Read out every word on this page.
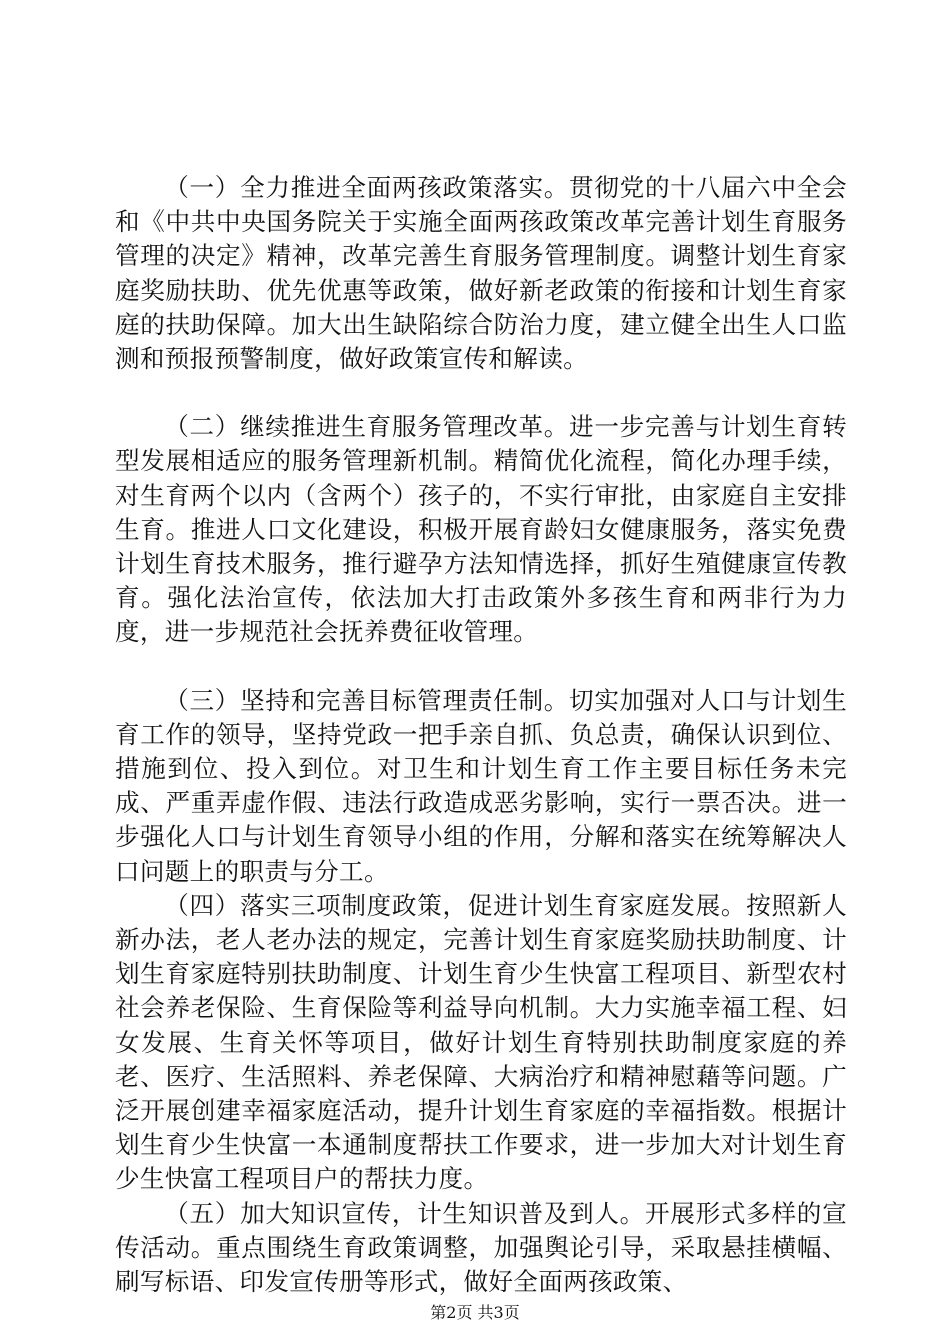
（一）全力推进全面两孩政策落实。贯彻党的十八届六中全会和《中共中央国务院关于实施全面两孩政策改革完善计划生育服务管理的决定》精神，改革完善生育服务管理制度。调整计划生育家庭奖励扶助、优先优惠等政策，做好新老政策的衔接和计划生育家庭的扶助保障。加大出生缺陷综合防治力度，建立健全出生人口监测和预报预警制度，做好政策宣传和解读。

（二）继续推进生育服务管理改革。进一步完善与计划生育转型发展相适应的服务管理新机制。精简优化流程，简化办理手续，对生育两个以内（含两个）孩子的，不实行审批，由家庭自主安排生育。推进人口文化建设，积极开展育龄妇女健康服务，落实免费计划生育技术服务，推行避孕方法知情选择，抓好生殖健康宣传教育。强化法治宣传，依法加大打击政策外多孩生育和两非行为力度，进一步规范社会抚养费征收管理。

（三）坚持和完善目标管理责任制。切实加强对人口与计划生育工作的领导，坚持党政一把手亲自抓、负总责，确保认识到位、措施到位、投入到位。对卫生和计划生育工作主要目标任务未完成、严重弄虚作假、违法行政造成恶劣影响，实行一票否决。进一步强化人口与计划生育领导小组的作用，分解和落实在统筹解决人口问题上的职责与分工。

（四）落实三项制度政策，促进计划生育家庭发展。按照新人新办法，老人老办法的规定，完善计划生育家庭奖励扶助制度、计划生育家庭特别扶助制度、计划生育少生快富工程项目、新型农村社会养老保险、生育保险等利益导向机制。大力实施幸福工程、妇女发展、生育关怀等项目，做好计划生育特别扶助制度家庭的养老、医疗、生活照料、养老保障、大病治疗和精神慰藉等问题。广泛开展创建幸福家庭活动，提升计划生育家庭的幸福指数。根据计划生育少生快富一本通制度帮扶工作要求，进一步加大对计划生育少生快富工程项目户的帮扶力度。

（五）加大知识宣传，计生知识普及到人。开展形式多样的宣传活动。重点围绕生育政策调整，加强舆论引导，采取悬挂横幅、刷写标语、印发宣传册等形式，做好全面两孩政策、

第2页 共3页
